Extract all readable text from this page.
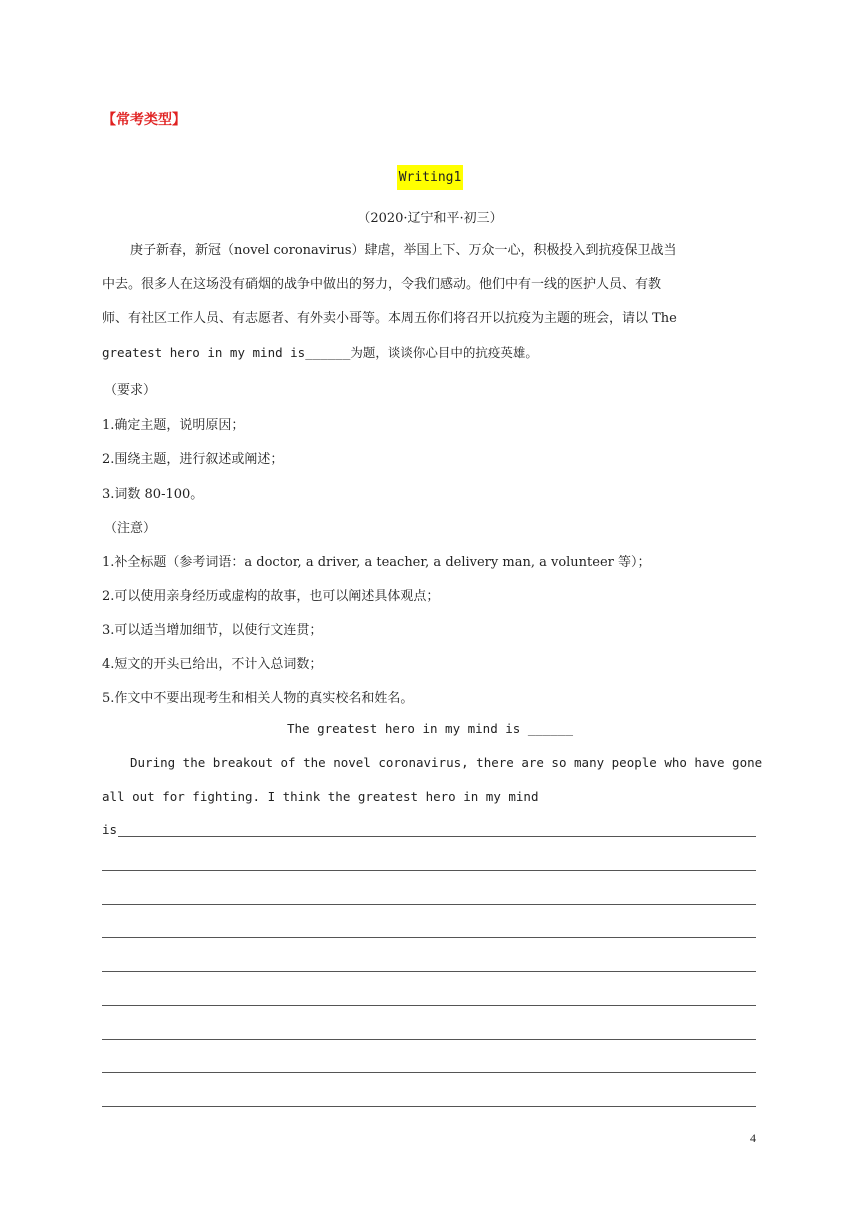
【常考类型】
Writing1
（2020·辽宁和平·初三）
庚子新春，新冠（novel coronavirus）肆虐，举国上下、万众一心，积极投入到抗疫保卫战当
中去。很多人在这场没有硝烟的战争中做出的努力，令我们感动。他们中有一线的医护人员、有教
师、有社区工作人员、有志愿者、有外卖小哥等。本周五你们将召开以抗疫为主题的班会，请以 The
greatest hero in my mind is______为题，谈谈你心目中的抗疫英雄。
（要求）
1.确定主题，说明原因；
2.围绕主题，进行叙述或阐述；
3.词数 80-100。
（注意）
1.补全标题（参考词语：a doctor, a driver, a teacher, a delivery man, a volunteer 等）；
2.可以使用亲身经历或虚构的故事，也可以阐述具体观点；
3.可以适当增加细节，以使行文连贯；
4.短文的开头已给出，不计入总词数；
5.作文中不要出现考生和相关人物的真实校名和姓名。
The greatest hero in my mind is ______
During the breakout of the novel coronavirus, there are so many people who have gone
all out for fighting. I think the greatest hero in my mind
is
4
